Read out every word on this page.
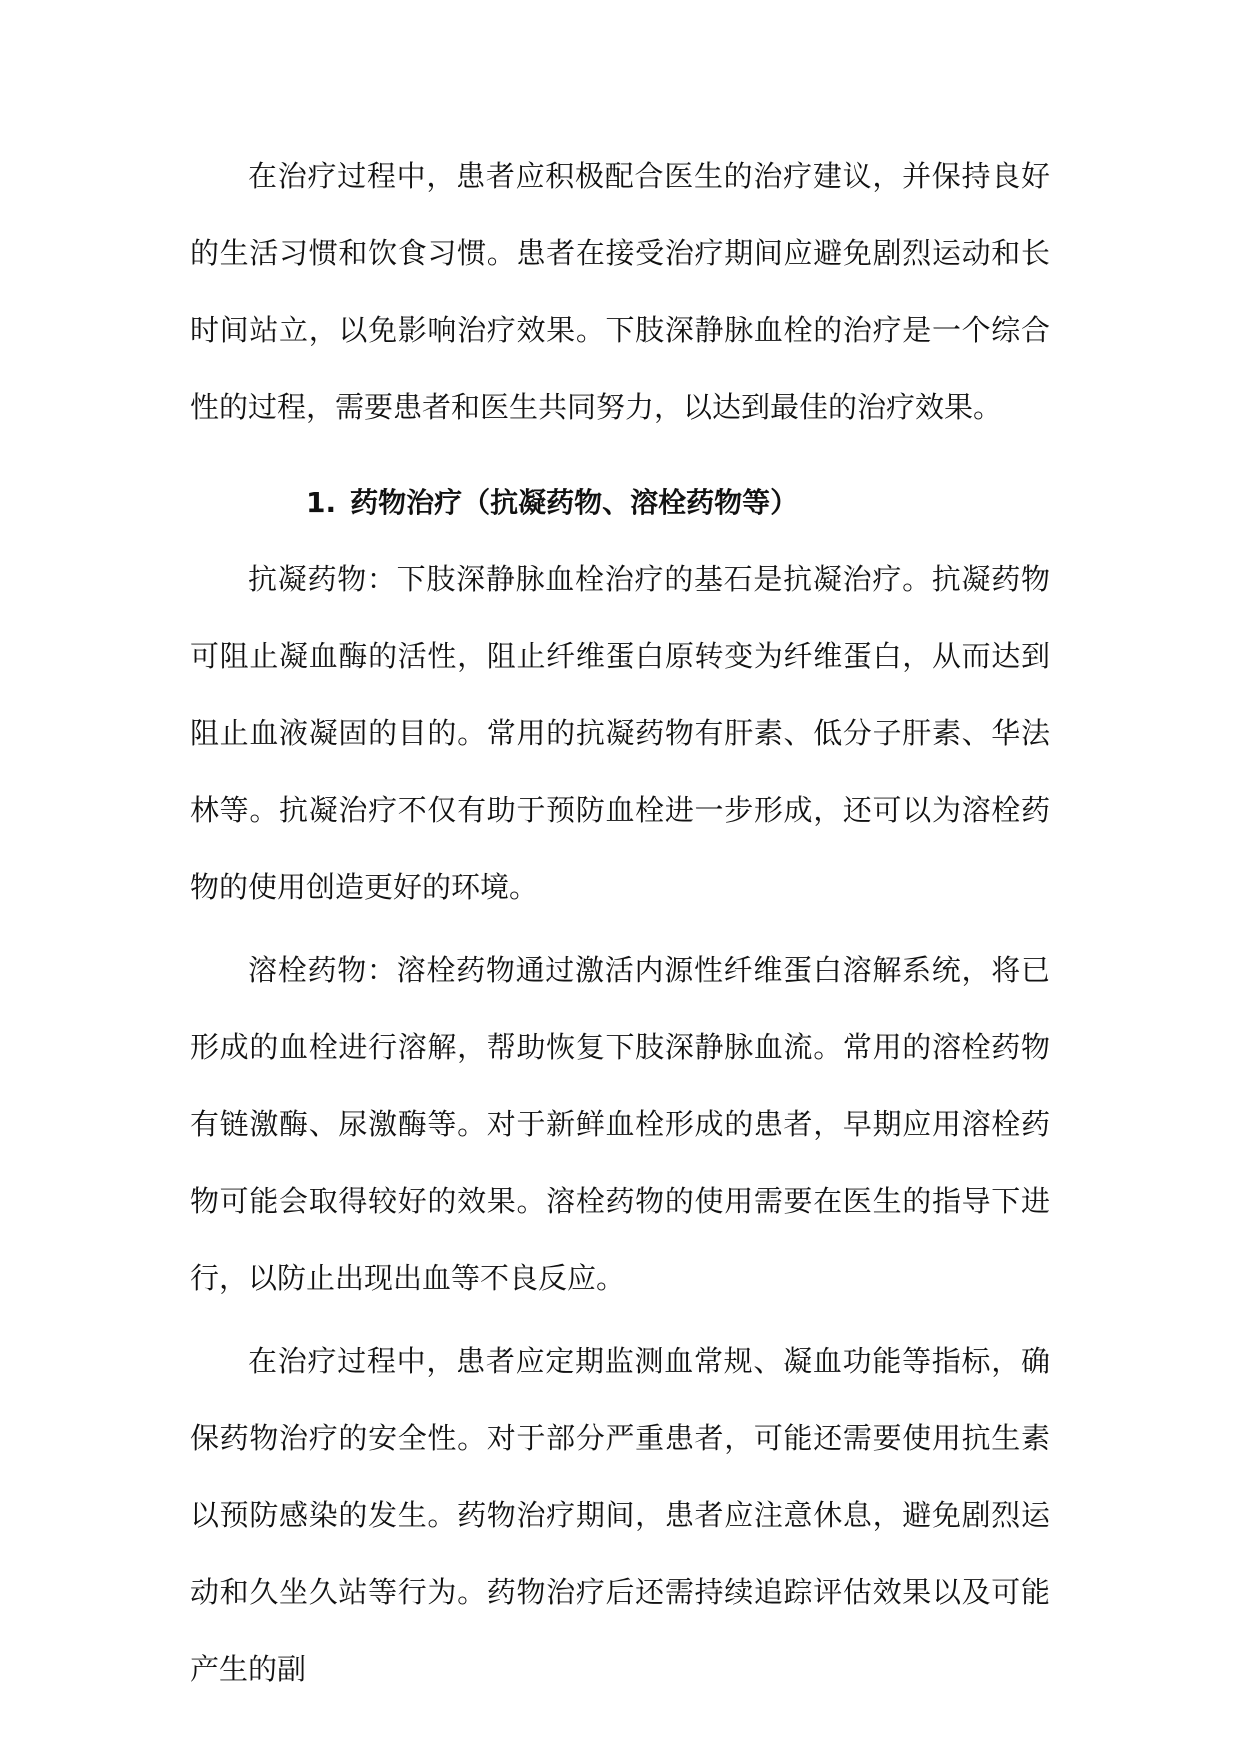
在治疗过程中，患者应积极配合医生的治疗建议，并保持良好的生活习惯和饮食习惯。患者在接受治疗期间应避免剧烈运动和长时间站立，以免影响治疗效果。下肢深静脉血栓的治疗是一个综合性的过程，需要患者和医生共同努力，以达到最佳的治疗效果。

1. 药物治疗（抗凝药物、溶栓药物等）

抗凝药物：下肢深静脉血栓治疗的基石是抗凝治疗。抗凝药物可阻止凝血酶的活性，阻止纤维蛋白原转变为纤维蛋白，从而达到阻止血液凝固的目的。常用的抗凝药物有肝素、低分子肝素、华法林等。抗凝治疗不仅有助于预防血栓进一步形成，还可以为溶栓药物的使用创造更好的环境。

溶栓药物：溶栓药物通过激活内源性纤维蛋白溶解系统，将已形成的血栓进行溶解，帮助恢复下肢深静脉血流。常用的溶栓药物有链激酶、尿激酶等。对于新鲜血栓形成的患者，早期应用溶栓药物可能会取得较好的效果。溶栓药物的使用需要在医生的指导下进行，以防止出现出血等不良反应。

在治疗过程中，患者应定期监测血常规、凝血功能等指标，确保药物治疗的安全性。对于部分严重患者，可能还需要使用抗生素以预防感染的发生。药物治疗期间，患者应注意休息，避免剧烈运动和久坐久站等行为。药物治疗后还需持续追踪评估效果以及可能产生的副
